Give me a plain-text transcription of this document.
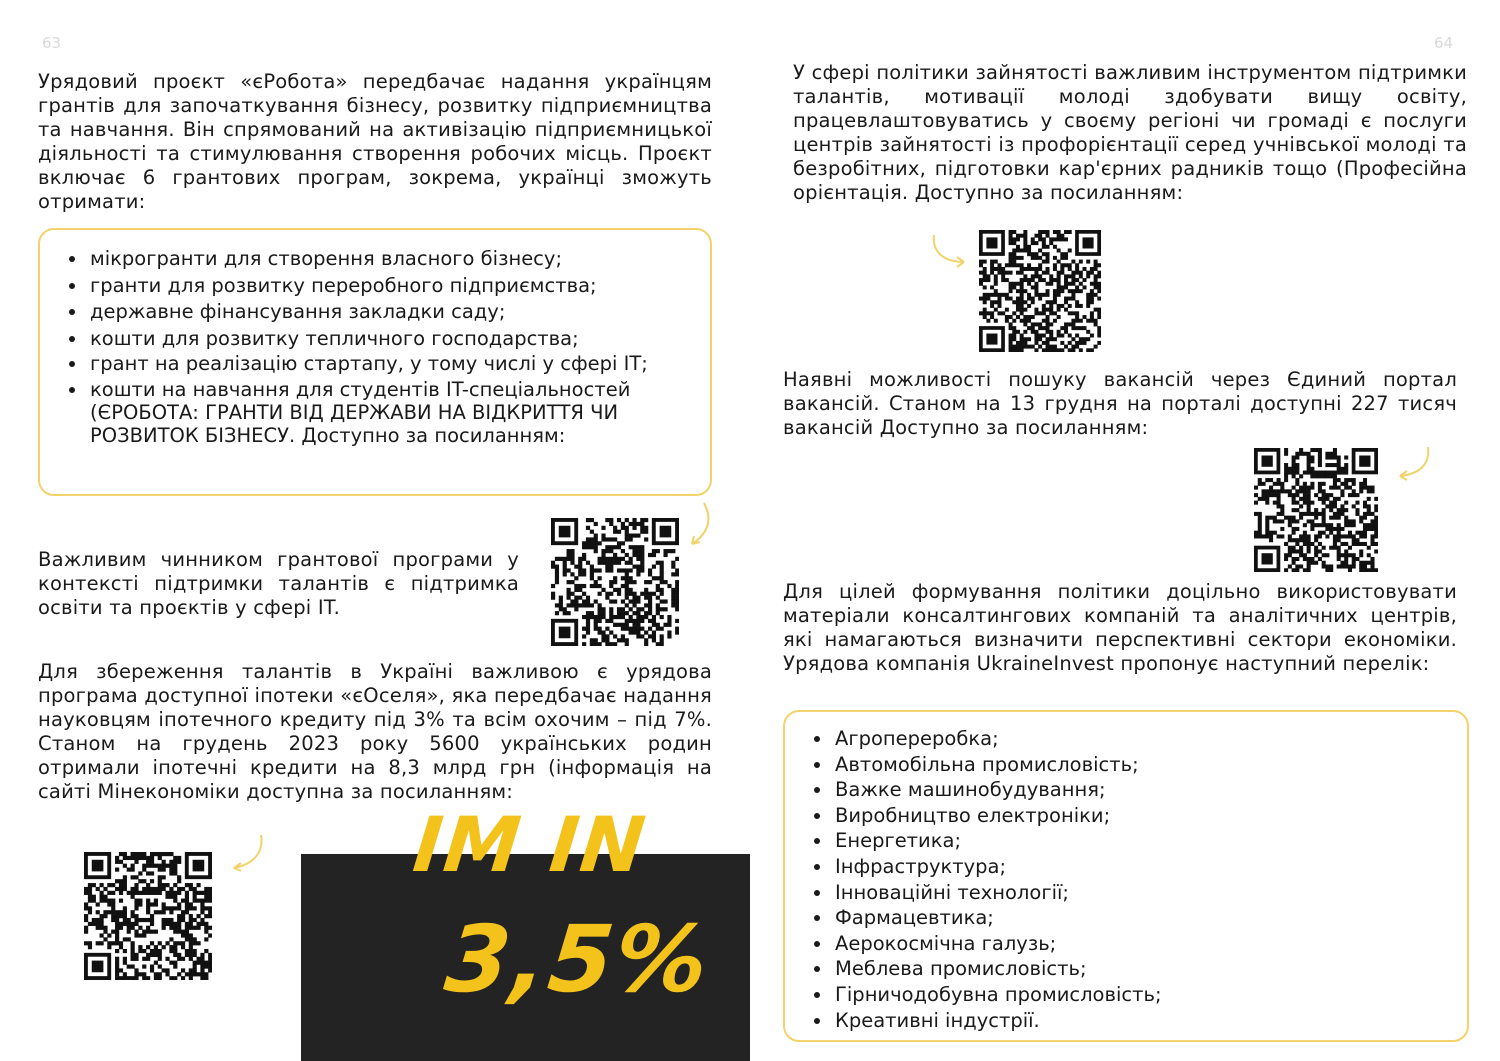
63	64

Урядовий проєкт «єРобота» передбачає надання українцям грантів для започаткування бізнесу, розвитку підприємництва та навчання. Він спрямований на активізацію підприємницької діяльності та стимулювання створення робочих місць. Проєкт включає 6 грантових програм, зокрема, українці зможуть отримати:

• мікрогранти для створення власного бізнесу;
• гранти для розвитку переробного підприємства;
• державне фінансування закладки саду;
• кошти для розвитку тепличного господарства;
• грант на реалізацію стартапу, у тому числі у сфері IT;
• кошти на навчання для студентів IT-спеціальностей (ЄРОБОТА: ГРАНТИ ВІД ДЕРЖАВИ НА ВІДКРИТТЯ ЧИ РОЗВИТОК БІЗНЕСУ. Доступно за посиланням:

Важливим чинником грантової програми у контексті підтримки талантів є підтримка освіти та проєктів у сфері IT.

Для збереження талантів в Україні важливою є урядова програма доступної іпотеки «єОселя», яка передбачає надання науковцям іпотечного кредиту під 3% та всім охочим – під 7%. Станом на грудень 2023 року 5600 українських родин отримали іпотечні кредити на 8,3 млрд грн (інформація на сайті Мінекономіки доступна за посиланням:

IM IN
3,5%

У сфері політики зайнятості важливим інструментом підтримки талантів, мотивації молоді здобувати вищу освіту, працевлаштовуватись у своєму регіоні чи громаді є послуги центрів зайнятості із профорієнтації серед учнівської молоді та безробітних, підготовки кар'єрних радників тощо (Професійна орієнтація. Доступно за посиланням:

Наявні можливості пошуку вакансій через Єдиний портал вакансій. Станом на 13 грудня на порталі доступні 227 тисяч вакансій Доступно за посиланням:

Для цілей формування політики доцільно використовувати матеріали консалтингових компаній та аналітичних центрів, які намагаються визначити перспективні сектори економіки. Урядова компанія UkraineInvest пропонує наступний перелік:

• Агропереробка;
• Автомобільна промисловість;
• Важке машинобудування;
• Виробництво електроніки;
• Енергетика;
• Інфраструктура;
• Інноваційні технології;
• Фармацевтика;
• Аерокосмічна галузь;
• Меблева промисловість;
• Гірничодобувна промисловість;
• Креативні індустрії.
